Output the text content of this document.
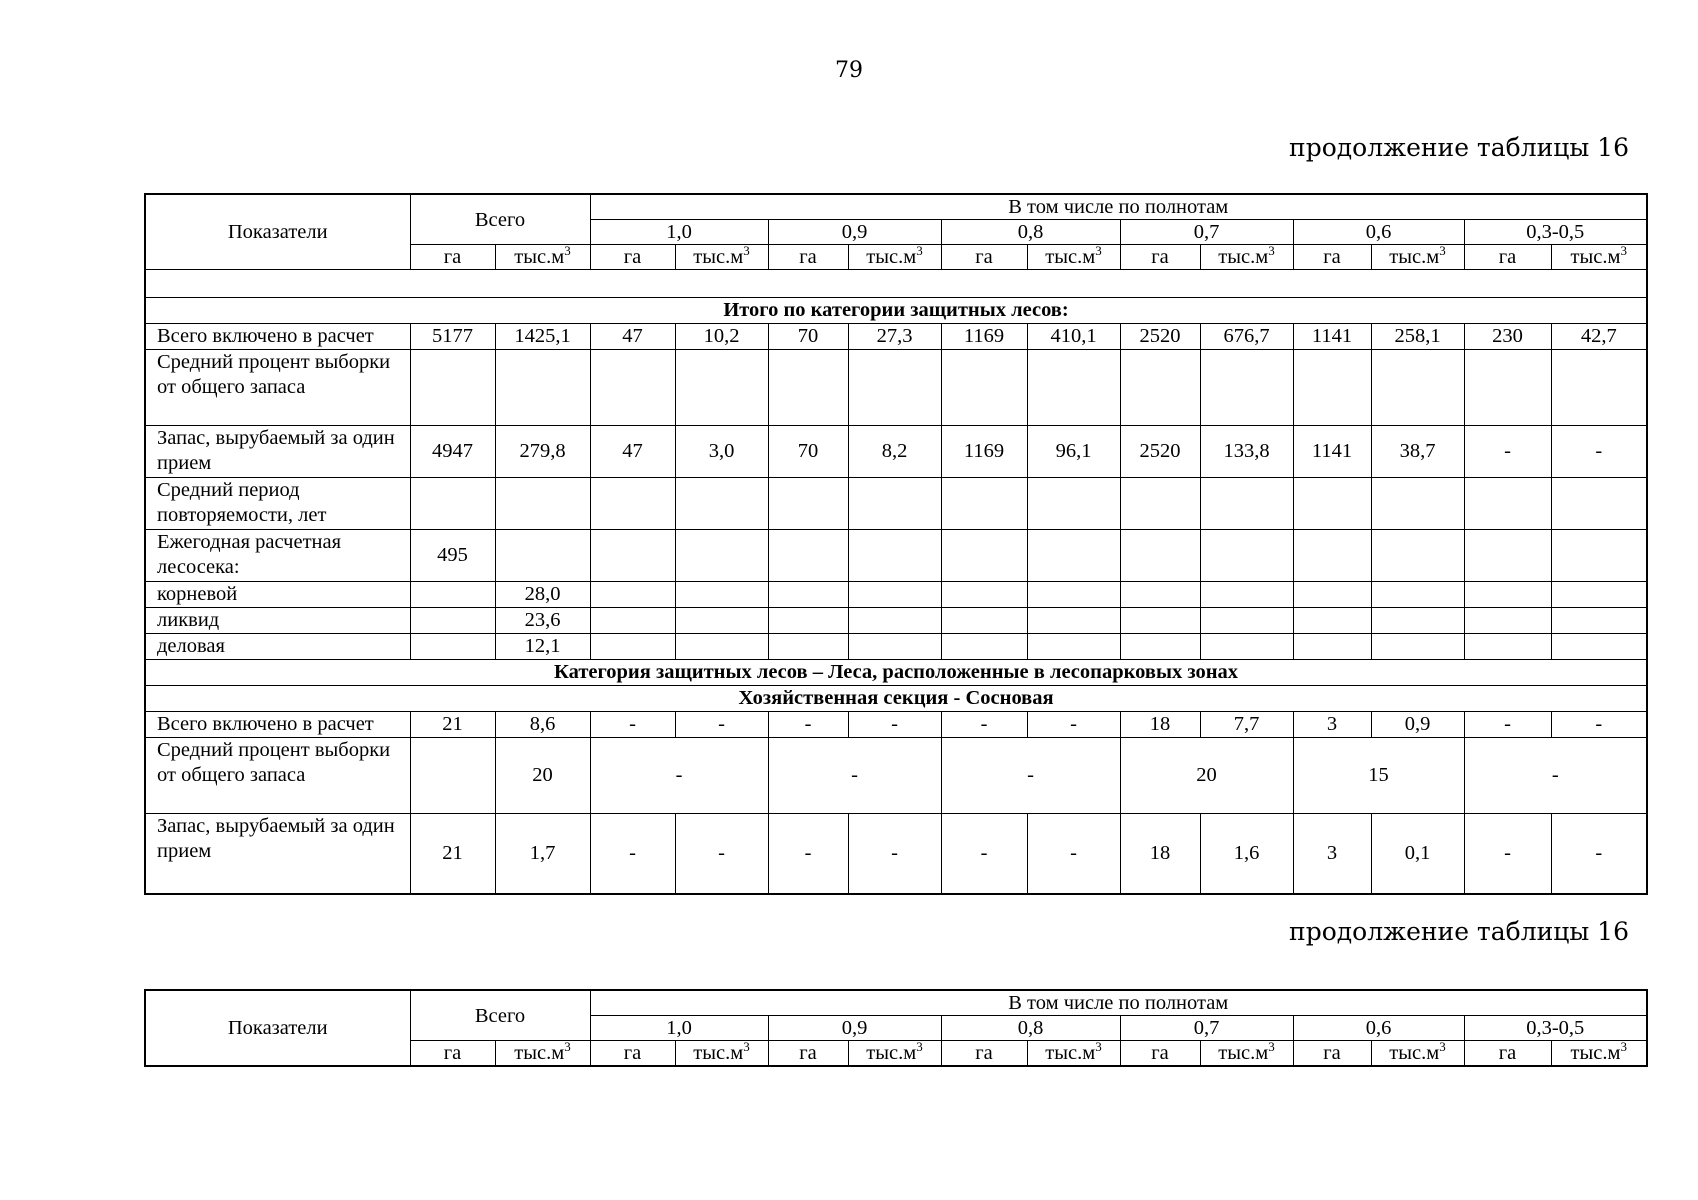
79
продолжение таблицы 16
Показатели	Всего		В том числе по полнотам											
			1,0		0,9		0,8		0,7		0,6		0,3-0,5	
	га	$тыс.м^3$	га	$тыс.м^3$	га	$тыс.м^3$	га	$тыс.м^3$	га	$тыс.м^3$	га	$тыс.м^3$	га	$тыс.м^3$

Итого по категории защитных лесов:														
Всего включено в расчет	5177	1425,1	47	10,2	70	27,3	1169	410,1	2520	676,7	1141	258,1	230	42,7
Средний процент выборки от общего запаса														
Запас, вырубаемый за один прием	4947	279,8	47	3,0	70	8,2	1169	96,1	2520	133,8	1141	38,7	-	-
Средний период повторяемости, лет														
Ежегодная расчетная лесосека:	495													
корневой		28,0												
ликвид		23,6												
деловая		12,1												
Категория защитных лесов – Леса, расположенные в лесопарковых зонах														
Хозяйственная секция - Сосновая														
Всего включено в расчет	21	8,6	-	-	-	-	-	-	18	7,7	3	0,9	-	-
Средний процент выборки от общего запаса		20	-		-		-		20		15		-	
Запас, вырубаемый за один прием	21	1,7	-	-	-	-	-	-	18	1,6	3	0,1	-	-
продолжение таблицы 16
Показатели	Всего		В том числе по полнотам											
			1,0		0,9		0,8		0,7		0,6		0,3-0,5	
	га	$тыс.м^3$	га	$тыс.м^3$	га	$тыс.м^3$	га	$тыс.м^3$	га	$тыс.м^3$	га	$тыс.м^3$	га	$тыс.м^3$
